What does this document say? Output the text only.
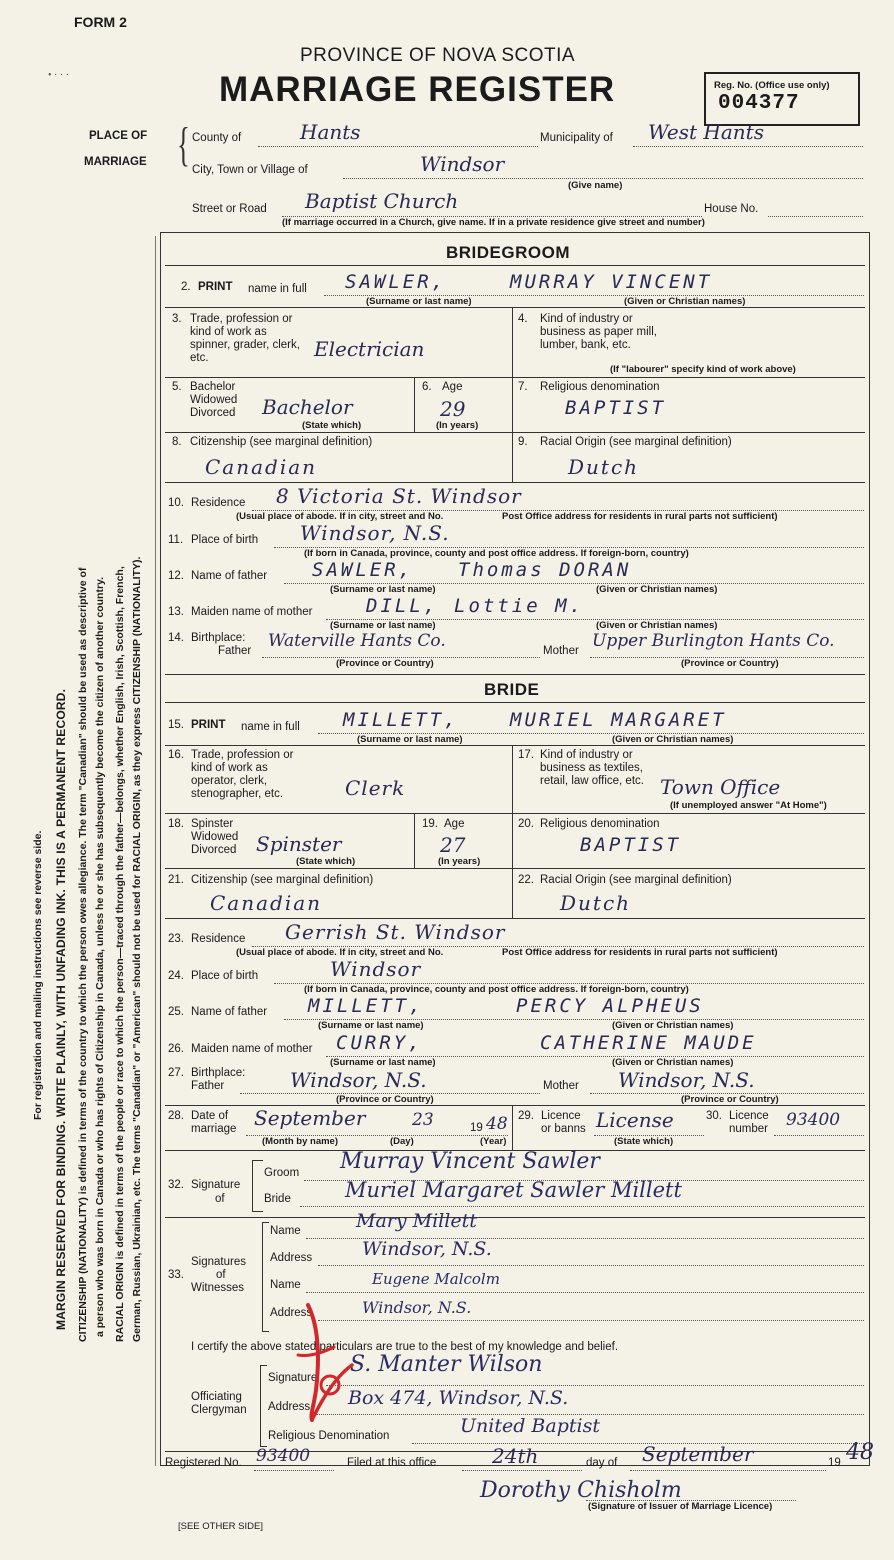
FORM 2
PROVINCE OF NOVA SCOTIA
MARRIAGE REGISTER	Reg. No. (Office use only)
004377
• · · ·
PLACE OF
MARRIAGE { County of	Hants	Municipality of West Hants
City, Town or Village of	Windsor
(Give name)
Street or Road Baptist Church	House No.
(If marriage occurred in a Church, give name. If in a private residence give street and number)
BRIDEGROOM
2. PRINT name in full SAWLER,	MURRAY VINCENT
(Surname or last name)	(Given or Christian names)
3. Trade, profession or kind of work as spinner, grader, clerk, etc.	Electrician
4. Kind of industry or business as paper mill, lumber, bank, etc.
(If "labourer" specify kind of work above)
5. Bachelor Widowed Divorced	Bachelor
(State which)
6. Age
29
(In years)
7. Religious denomination
BAPTIST
8. Citizenship (see marginal definition)
Canadian
9. Racial Origin (see marginal definition)
Dutch
10. Residence 8 Victoria St. Windsor
(Usual place of abode. If in city, street and No.	Post Office address for residents in rural parts not sufficient)
11. Place of birth Windsor, N.S.
(If born in Canada, province, county and post office address. If foreign-born, country)
12. Name of father SAWLER, Thomas DORAN
(Surname or last name)	(Given or Christian names)
13. Maiden name of mother	DILL, Lottie M.
(Surname or last name)	(Given or Christian names)
14. Birthplace:
Father Waterville Hants Co.	Mother Upper Burlington Hants Co.
(Province or Country)	(Province or Country)
BRIDE
15. PRINT name in full MILLETT,	MURIEL MARGARET
(Surname or last name)	(Given or Christian names)
16. Trade, profession or kind of work as operator, clerk, stenographer, etc.	Clerk
17. Kind of industry or business as textiles, retail, law office, etc. Town Office
(If unemployed answer "At Home")
18. Spinster Widowed Divorced Spinster
(State which)
19. Age
27
(In years)
20. Religious denomination
BAPTIST
21. Citizenship (see marginal definition)
Canadian
22. Racial Origin (see marginal definition)
Dutch
23. Residence Gerrish St. Windsor
(Usual place of abode. If in city, street and No.	Post Office address for residents in rural parts not sufficient)
24. Place of birth	Windsor
(If born in Canada, province, county and post office address. If foreign-born, country)
25. Name of father MILLETT,	PERCY ALPHEUS
(Surname or last name)	(Given or Christian names)
26. Maiden name of mother CURRY,	CATHERINE MAUDE
(Surname or last name)	(Given or Christian names)
27. Birthplace:
Father	Windsor, N.S.	Mother Windsor, N.S.
(Province or Country)	(Province or Country)
28. Date of
marriage September	23	19 48
(Month by name)	(Day)	(Year)
29. Licence
or banns License
(State which)
30. Licence
number 93400
32. Signature
of
Groom Murray Vincent Sawler
Bride	Muriel Margaret Sawler Millett
33.
Signatures
of
Witnesses
Name	Mary Millett
Address	Windsor, N.S.
Name	Eugene Malcolm
Address	Windsor, N.S.
I certify the above stated particulars are true to the best of my knowledge and belief.
Officiating
Clergyman
Signature
S. Manter Wilson
Address Box 474, Windsor, N.S.
Religious Denomination	United Baptist
Registered No. 93400	Filed at this office	24th	day of September	19 48
Dorothy Chisholm
(Signature of Issuer of Marriage Licence)
[SEE OTHER SIDE]
For registration and mailing instructions see reverse side. MARGIN RESERVED FOR BINDING. WRITE PLAINLY, WITH UNFADING INK. THIS IS A PERMANENT RECORD. CITIZENSHIP (NATIONALITY) is defined in terms of the country to which the person owes allegiance. The term "Canadian" should be used as descriptive of a person who was born in Canada or who has rights of Citizenship in Canada, unless he or she has subsequently become the citizen of another country. RACIAL ORIGIN is defined in terms of the people or race to which the person—traced through the father—belongs, whether English, Irish, Scottish, French, German, Russian, Ukrainian, etc. The terms "Canadian" or "American" should not be used for RACIAL ORIGIN, as they express CITIZENSHIP (NATIONALITY).
